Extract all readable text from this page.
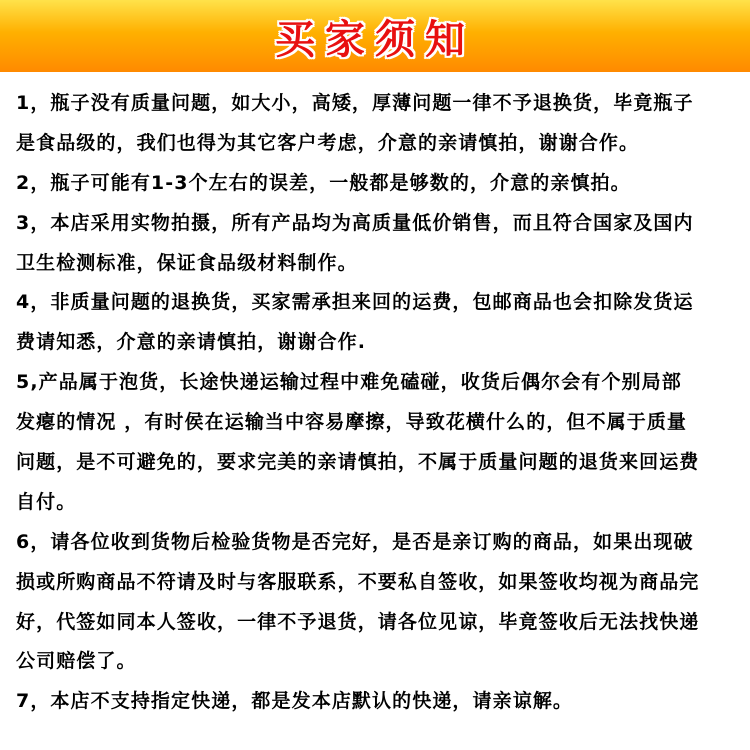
买家须知
1，瓶子没有质量问题，如大小，高矮，厚薄问题一律不予退换货，毕竟瓶子
是食品级的，我们也得为其它客户考虑，介意的亲请慎拍，谢谢合作。
2，瓶子可能有1-3个左右的误差，一般都是够数的，介意的亲慎拍。
3，本店采用实物拍摄，所有产品均为高质量低价销售，而且符合国家及国内
卫生检测标准，保证食品级材料制作。
4，非质量问题的退换货，买家需承担来回的运费，包邮商品也会扣除发货运
费请知悉，介意的亲请慎拍，谢谢合作.
5,产品属于泡货，长途快递运输过程中难免磕碰，收货后偶尔会有个别局部
发瘪的情况 ，有时侯在运输当中容易摩擦，导致花横什么的，但不属于质量
问题，是不可避免的，要求完美的亲请慎拍，不属于质量问题的退货来回运费
自付。
6，请各位收到货物后检验货物是否完好，是否是亲订购的商品，如果出现破
损或所购商品不符请及时与客服联系，不要私自签收，如果签收均视为商品完
好，代签如同本人签收，一律不予退货，请各位见谅，毕竟签收后无法找快递
公司赔偿了。
7，本店不支持指定快递，都是发本店默认的快递，请亲谅解。
